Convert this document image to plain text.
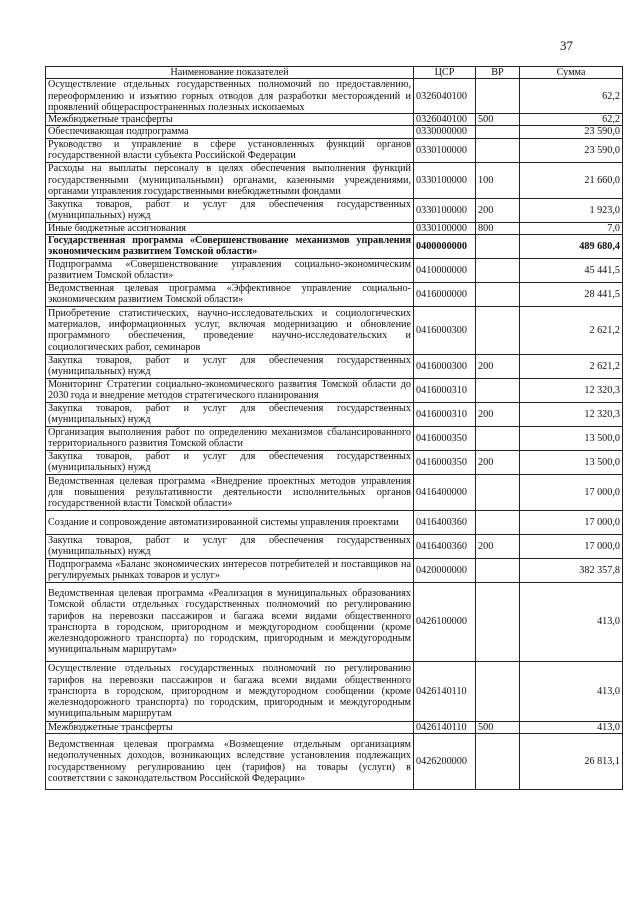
37
Наименование показателей	ЦСР	ВР	Сумма
Осуществление отдельных государственных полномочий по предоставлению, переоформлению и изъятию горных отводов для разработки месторождений и проявлений общераспространенных полезных ископаемых	0326040100		62,2
Межбюджетные трансферты	0326040100	500	62,2
Обеспечивающая подпрограмма	0330000000		23 590,0
Руководство и управление в сфере установленных функций органов государственной власти субъекта Российской Федерации	0330100000		23 590,0
Расходы на выплаты персоналу в целях обеспечения выполнения функций государственными (муниципальными) органами, казенными учреждениями, органами управления государственными внебюджетными фондами	0330100000	100	21 660,0
Закупка товаров, работ и услуг для обеспечения государственных (муниципальных) нужд	0330100000	200	1 923,0
Иные бюджетные ассигнования	0330100000	800	7,0
Государственная программа «Совершенствование механизмов управления экономическим развитием Томской области»	0400000000		489 680,4
Подпрограмма «Совершенствование управления социально-экономическим развитием Томской области»	0410000000		45 441,5
Ведомственная целевая программа «Эффективное управление социально-экономическим развитием Томской области»	0416000000		28 441,5
Приобретение статистических, научно-исследовательских и социологических материалов, информационных услуг, включая модернизацию и обновление программного обеспечения, проведение научно-исследовательских и социологических работ, семинаров	0416000300		2 621,2
Закупка товаров, работ и услуг для обеспечения государственных (муниципальных) нужд	0416000300	200	2 621,2
Мониторинг Стратегии социально-экономического развития Томской области до 2030 года и внедрение методов стратегического планирования	0416000310		12 320,3
Закупка товаров, работ и услуг для обеспечения государственных (муниципальных) нужд	0416000310	200	12 320,3
Организация выполнения работ по определению механизмов сбалансированного территориального развития Томской области	0416000350		13 500,0
Закупка товаров, работ и услуг для обеспечения государственных (муниципальных) нужд	0416000350	200	13 500,0
Ведомственная целевая программа «Внедрение проектных методов управления для повышения результативности деятельности исполнительных органов государственной власти Томской области»	0416400000		17 000,0
Создание и сопровождение автоматизированной системы управления проектами	0416400360		17 000,0
Закупка товаров, работ и услуг для обеспечения государственных (муниципальных) нужд	0416400360	200	17 000,0
Подпрограмма «Баланс экономических интересов потребителей и поставщиков на регулируемых рынках товаров и услуг»	0420000000		382 357,8
Ведомственная целевая программа «Реализация в муниципальных образованиях Томской области отдельных государственных полномочий по регулированию тарифов на перевозки пассажиров и багажа всеми видами общественного транспорта в городском, пригородном и междугородном сообщении (кроме железнодорожного транспорта) по городским, пригородным и междугородным муниципальным маршрутам»	0426100000		413,0
Осуществление отдельных государственных полномочий по регулированию тарифов на перевозки пассажиров и багажа всеми видами общественного транспорта в городском, пригородном и междугородном сообщении (кроме железнодорожного транспорта) по городским, пригородным и междугородным муниципальным маршрутам	0426140110		413,0
Межбюджетные трансферты	0426140110	500	413,0
Ведомственная целевая программа «Возмещение отдельным организациям недополученных доходов, возникающих вследствие установления подлежащих государственному регулированию цен (тарифов) на товары (услуги) в соответствии с законодательством Российской Федерации»	0426200000		26 813,1
